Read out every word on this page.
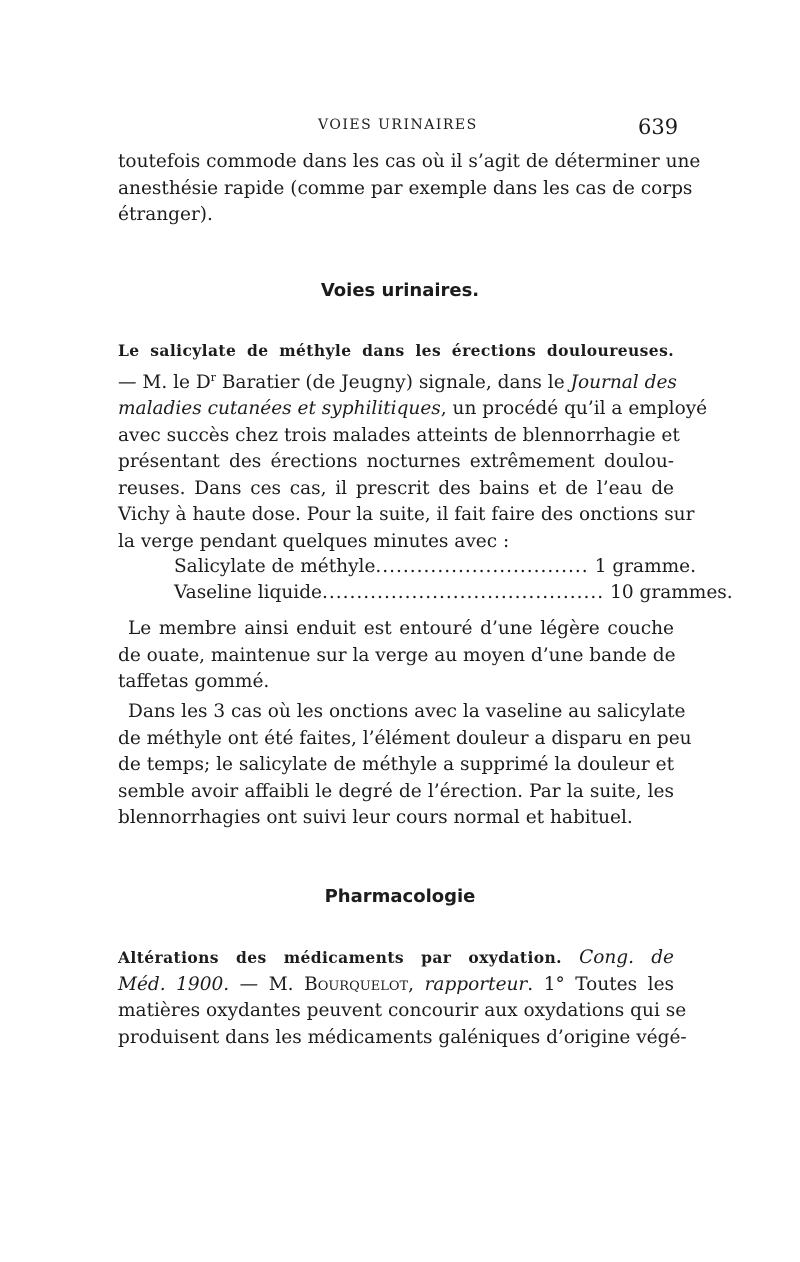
VOIES URINAIRES	639
toutefois commode dans les cas où il s’agit de déterminer une
anesthésie rapide (comme par exemple dans les cas de corps
étranger).
Voies urinaires.
Le salicylate de méthyle dans les érections douloureuses.
— M. le $D^r$ Baratier (de Jeugny) signale, dans le Journal des
maladies cutanées et syphilitiques, un procédé qu’il a employé
avec succès chez trois malades atteints de blennorrhagie et
présentant des érections nocturnes extrêmement doulou-
reuses. Dans ces cas, il prescrit des bains et de l’eau de
Vichy à haute dose. Pour la suite, il fait faire des onctions sur
la verge pendant quelques minutes avec :
Salicylate de méthyle ............................... 1 gramme.
Vaseline liquide ......................................... 10 grammes.
Le membre ainsi enduit est entouré d’une légère couche
de ouate, maintenue sur la verge au moyen d’une bande de
taffetas gommé.
Dans les 3 cas où les onctions avec la vaseline au salicylate
de méthyle ont été faites, l’élément douleur a disparu en peu
de temps; le salicylate de méthyle a supprimé la douleur et
semble avoir affaibli le degré de l’érection. Par la suite, les
blennorrhagies ont suivi leur cours normal et habituel.
Pharmacologie
Altérations des médicaments par oxydation. Cong. de
Méd. 1900. — M. Bourquelot, rapporteur. 1° Toutes les
matières oxydantes peuvent concourir aux oxydations qui se
produisent dans les médicaments galéniques d’origine végé-
